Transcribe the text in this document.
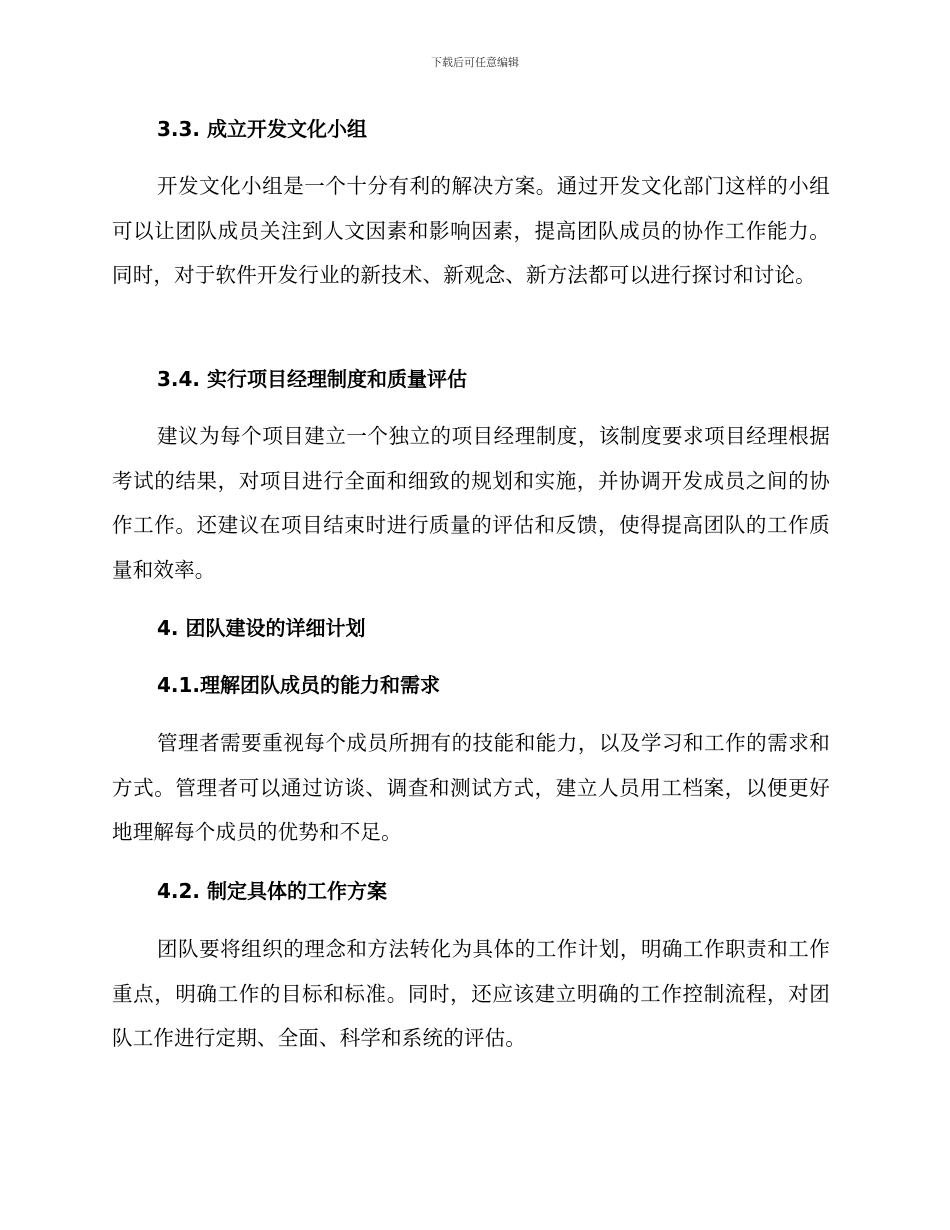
下载后可任意编辑
3.3. 成立开发文化小组
开发文化小组是一个十分有利的解决方案。通过开发文化部门这样的小组可以让团队成员关注到人文因素和影响因素，提高团队成员的协作工作能力。同时，对于软件开发行业的新技术、新观念、新方法都可以进行探讨和讨论。
3.4. 实行项目经理制度和质量评估
建议为每个项目建立一个独立的项目经理制度，该制度要求项目经理根据考试的结果，对项目进行全面和细致的规划和实施，并协调开发成员之间的协作工作。还建议在项目结束时进行质量的评估和反馈，使得提高团队的工作质量和效率。
4. 团队建设的详细计划
4.1.理解团队成员的能力和需求
管理者需要重视每个成员所拥有的技能和能力，以及学习和工作的需求和方式。管理者可以通过访谈、调查和测试方式，建立人员用工档案，以便更好地理解每个成员的优势和不足。
4.2. 制定具体的工作方案
团队要将组织的理念和方法转化为具体的工作计划，明确工作职责和工作重点，明确工作的目标和标准。同时，还应该建立明确的工作控制流程，对团队工作进行定期、全面、科学和系统的评估。
